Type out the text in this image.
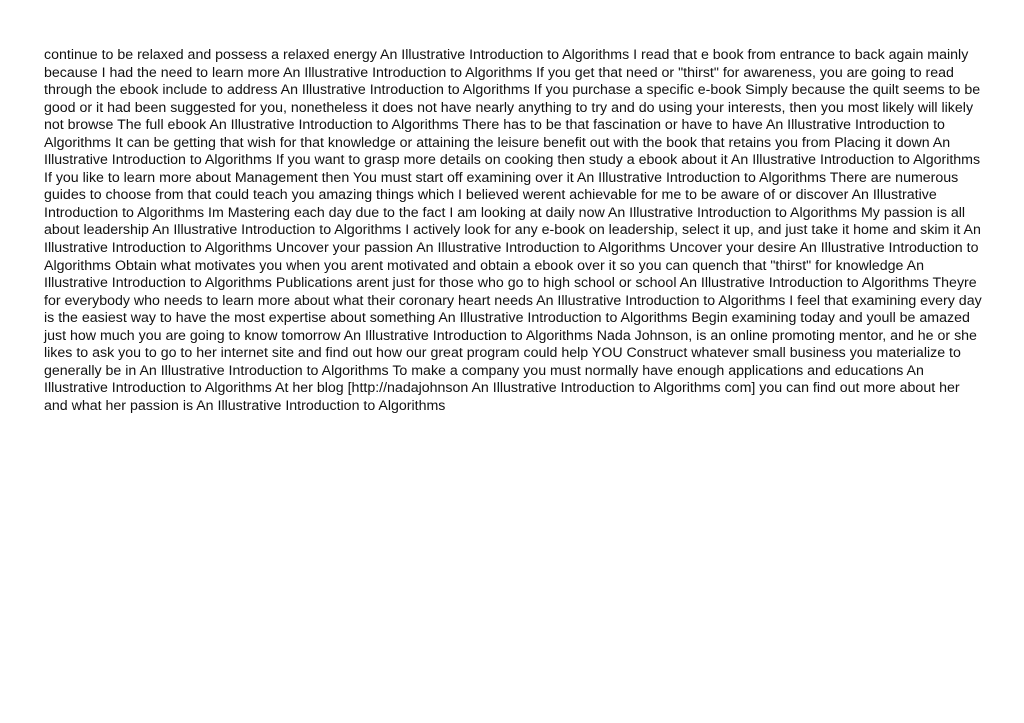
continue to be relaxed and possess a relaxed energy An Illustrative Introduction to Algorithms I read that e book from entrance to back again mainly because I had the need to learn more An Illustrative Introduction to Algorithms If you get that need or "thirst" for awareness, you are going to read through the ebook include to address An Illustrative Introduction to Algorithms If you purchase a specific e-book Simply because the quilt seems to be good or it had been suggested for you, nonetheless it does not have nearly anything to try and do using your interests, then you most likely will likely not browse The full ebook An Illustrative Introduction to Algorithms There has to be that fascination or have to have An Illustrative Introduction to Algorithms It can be getting that wish for that knowledge or attaining the leisure benefit out with the book that retains you from Placing it down An Illustrative Introduction to Algorithms If you want to grasp more details on cooking then study a ebook about it An Illustrative Introduction to Algorithms If you like to learn more about Management then You must start off examining over it An Illustrative Introduction to Algorithms There are numerous guides to choose from that could teach you amazing things which I believed werent achievable for me to be aware of or discover An Illustrative Introduction to Algorithms Im Mastering each day due to the fact I am looking at daily now An Illustrative Introduction to Algorithms My passion is all about leadership An Illustrative Introduction to Algorithms I actively look for any e-book on leadership, select it up, and just take it home and skim it An Illustrative Introduction to Algorithms Uncover your passion An Illustrative Introduction to Algorithms Uncover your desire An Illustrative Introduction to Algorithms Obtain what motivates you when you arent motivated and obtain a ebook over it so you can quench that "thirst" for knowledge An Illustrative Introduction to Algorithms Publications arent just for those who go to high school or school An Illustrative Introduction to Algorithms Theyre for everybody who needs to learn more about what their coronary heart needs An Illustrative Introduction to Algorithms I feel that examining every day is the easiest way to have the most expertise about something An Illustrative Introduction to Algorithms Begin examining today and youll be amazed just how much you are going to know tomorrow An Illustrative Introduction to Algorithms Nada Johnson, is an online promoting mentor, and he or she likes to ask you to go to her internet site and find out how our great program could help YOU Construct whatever small business you materialize to generally be in An Illustrative Introduction to Algorithms To make a company you must normally have enough applications and educations An Illustrative Introduction to Algorithms At her blog [http://nadajohnson An Illustrative Introduction to Algorithms com] you can find out more about her and what her passion is An Illustrative Introduction to Algorithms
